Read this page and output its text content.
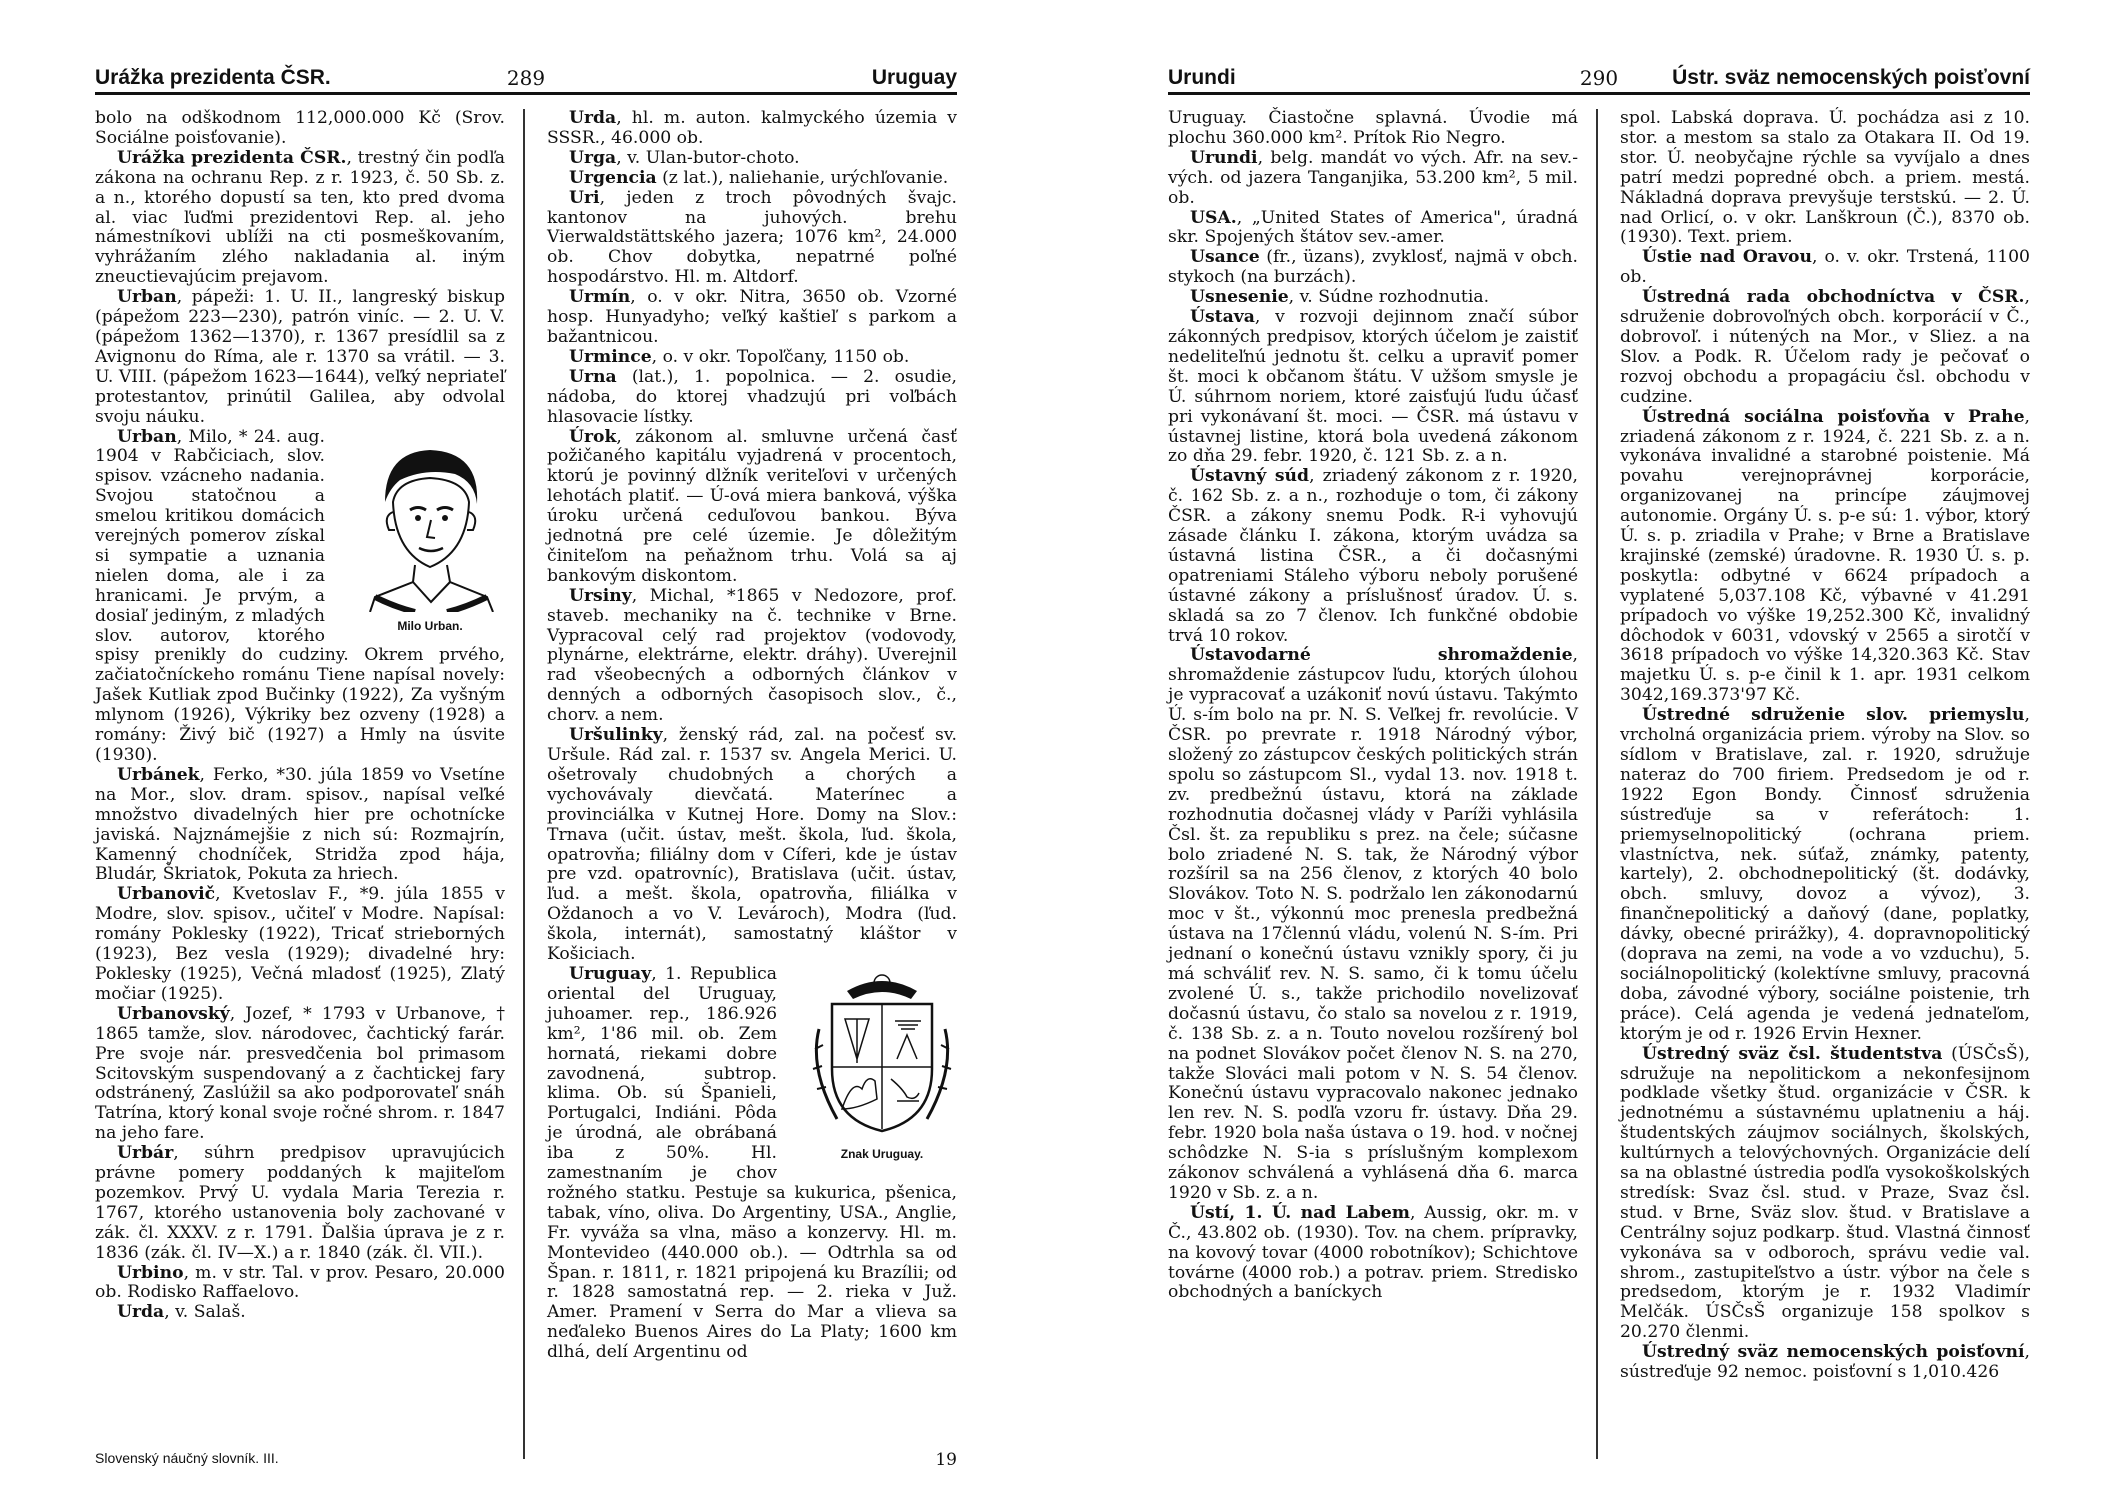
Urážka prezidenta ČSR.	289	Uruguay

bolo na odškodnom 112,000.000 Kč (Srov. Sociálne poisťovanie).

Urážka prezidenta ČSR., trestný čin podľa zákona na ochranu Rep. z r. 1923, č. 50 Sb. z. a n., ktorého dopustí sa ten, kto pred dvoma al. viac ľuďmi prezidentovi Rep. al. jeho námestníkovi ublíži na cti posmeškovaním, vyhrážaním zlého nakladania al. iným zneuctievajúcim prejavom.

Urban, pápeži: 1. U. II., langreský biskup (pápežom 223—230), patrón viníc. — 2. U. V. (pápežom 1362—1370), r. 1367 presídlil sa z Avignonu do Ríma, ale r. 1370 sa vrátil. — 3. U. VIII. (pápežom 1623—1644), veľký nepriateľ protestantov, prinútil Galilea, aby odvolal svoju náuku.

Milo Urban.
Urban, Milo, * 24. aug. 1904 v Rabčiciach, slov. spisov. vzácneho nadania. Svojou statočnou a smelou kritikou domácich verejných pomerov získal si sympatie a uznania nielen doma, ale i za hranicami. Je prvým, a dosiaľ jediným, z mladých slov. autorov, ktorého spisy prenikly do cudziny. Okrem prvého, začiatočníckeho románu Tiene napísal novely: Jašek Kutliak zpod Bučinky (1922), Za vyšným mlynom (1926), Výkriky bez ozveny (1928) a romány: Živý bič (1927) a Hmly na úsvite (1930).

Urbánek, Ferko, *30. júla 1859 vo Vsetíne na Mor., slov. dram. spisov., napísal veľké množstvo divadelných hier pre ochotnícke javiská. Najznámejšie z nich sú: Rozmajrín, Kamenný chodníček, Stridža zpod hája, Bludár, Škriatok, Pokuta za hriech.

Urbanovič, Kvetoslav F., *9. júla 1855 v Modre, slov. spisov., učiteľ v Modre. Napísal: romány Poklesky (1922), Tricať strieborných (1923), Bez vesla (1929); divadelné hry: Poklesky (1925), Večná mladosť (1925), Zlatý močiar (1925).

Urbanovský, Jozef, * 1793 v Urbanove, † 1865 tamže, slov. národovec, čachtický farár. Pre svoje nár. presvedčenia bol primasom Scitovským suspendovaný a z čachtickej fary odstránený, Zaslúžil sa ako podporovateľ snáh Tatrína, ktorý konal svoje ročné shrom. r. 1847 na jeho fare.

Urbár, súhrn predpisov upravujúcich právne pomery poddaných k majiteľom pozemkov. Prvý U. vydala Maria Terezia r. 1767, ktorého ustanovenia boly zachované v zák. čl. XXXV. z r. 1791. Ďalšia úprava je z r. 1836 (zák. čl. IV—X.) a r. 1840 (zák. čl. VII.).

Urbino, m. v str. Tal. v prov. Pesaro, 20.000 ob. Rodisko Raffaelovo.

Urda, v. Salaš.

Urda, hl. m. auton. kalmyckého územia v SSSR., 46.000 ob.

Urga, v. Ulan-butor-choto.

Urgencia (z lat.), naliehanie, urýchľovanie.

Uri, jeden z troch pôvodných švajc. kantonov na juhových. brehu Vierwaldstättského jazera; 1076 km², 24.000 ob. Chov dobytka, nepatrné poľné hospodárstvo. Hl. m. Altdorf.

Urmín, o. v okr. Nitra, 3650 ob. Vzorné hosp. Hunyadyho; veľký kaštieľ s parkom a bažantnicou.

Urmince, o. v okr. Topoľčany, 1150 ob.

Urna (lat.), 1. popolnica. — 2. osudie, nádoba, do ktorej vhadzujú pri voľbách hlasovacie lístky.

Úrok, zákonom al. smluvne určená časť požičaného kapitálu vyjadrená v procentoch, ktorú je povinný dlžník veriteľovi v určených lehotách platiť. — Ú-ová miera banková, výška úroku určená ceduľovou bankou. Býva jednotná pre celé územie. Je dôležitým činiteľom na peňažnom trhu. Volá sa aj bankovým diskontom.

Ursiny, Michal, *1865 v Nedozore, prof. staveb. mechaniky na č. technike v Brne. Vypracoval celý rad projektov (vodovody, plynárne, elektrárne, elektr. dráhy). Uverejnil rad všeobecných a odborných článkov v denných a odborných časopisoch slov., č., chorv. a nem.

Uršulinky, ženský rád, zal. na počesť sv. Uršule. Rád zal. r. 1537 sv. Angela Merici. U. ošetrovaly chudobných a chorých a vychovávaly dievčatá. Materínec a provinciálka v Kutnej Hore. Domy na Slov.: Trnava (učit. ústav, mešt. škola, ľud. škola, opatrovňa; filiálny dom v Cíferi, kde je ústav pre vzd. opatrovníc), Bratislava (učit. ústav, ľud. a mešt. škola, opatrovňa, filiálka v Oždanoch a vo V. Levároch), Modra (ľud. škola, internát), samostatný kláštor v Košiciach.

Znak Uruguay.
Uruguay, 1. Republica oriental del Uruguay, juhoamer. rep., 186.926 km², 1'86 mil. ob. Zem hornatá, riekami dobre zavodnená, subtrop. klima. Ob. sú Španieli, Portugalci, Indiáni. Pôda je úrodná, ale obrábaná iba z 50%. Hl. zamestnaním je chov rožného statku. Pestuje sa kukurica, pšenica, tabak, víno, oliva. Do Argentiny, USA., Anglie, Fr. vyváža sa vlna, mäso a konzervy. Hl. m. Montevideo (440.000 ob.). — Odtrhla sa od Špan. r. 1811, r. 1821 pripojená ku Brazílii; od r. 1828 samostatná rep. — 2. rieka v Juž. Amer. Pramení v Serra do Mar a vlieva sa neďaleko Buenos Aires do La Platy; 1600 km dlhá, delí Argentinu od

Slovenský náučný slovník. III.	19
Urundi	290	Ústr. sväz nemocenských poisťovní

Uruguay. Čiastočne splavná. Úvodie má plochu 360.000 km². Prítok Rio Negro.

Urundi, belg. mandát vo vých. Afr. na sev.-vých. od jazera Tanganjika, 53.200 km², 5 mil. ob.

USA., „United States of America", úradná skr. Spojených štátov sev.-amer.

Usance (fr., üzans), zvyklosť, najmä v obch. stykoch (na burzách).

Usnesenie, v. Súdne rozhodnutia.

Ústava, v rozvoji dejinnom značí súbor zákonných predpisov, ktorých účelom je zaistiť nedeliteľnú jednotu št. celku a upraviť pomer št. moci k občanom štátu. V užšom smysle je Ú. súhrnom noriem, ktoré zaisťujú ľudu účasť pri vykonávaní št. moci. — ČSR. má ústavu v ústavnej listine, ktorá bola uvedená zákonom zo dňa 29. febr. 1920, č. 121 Sb. z. a n.

Ústavný súd, zriadený zákonom z r. 1920, č. 162 Sb. z. a n., rozhoduje o tom, či zákony ČSR. a zákony snemu Podk. R-i vyhovujú zásade článku I. zákona, ktorým uvádza sa ústavná listina ČSR., a či dočasnými opatreniami Stáleho výboru neboly porušené ústavné zákony a príslušnosť úradov. Ú. s. skladá sa zo 7 členov. Ich funkčné obdobie trvá 10 rokov.

Ústavodarné shromaždenie, shromaždenie zástupcov ľudu, ktorých úlohou je vypracovať a uzákoniť novú ústavu. Takýmto Ú. s-ím bolo na pr. N. S. Veľkej fr. revolúcie. V ČSR. po prevrate r. 1918 Národný výbor, složený zo zástupcov českých politických strán spolu so zástupcom Sl., vydal 13. nov. 1918 t. zv. predbežnú ústavu, ktorá na základe rozhodnutia dočasnej vlády v Paríži vyhlásila Čsl. št. za republiku s prez. na čele; súčasne bolo zriadené N. S. tak, že Národný výbor rozšíril sa na 256 členov, z ktorých 40 bolo Slovákov. Toto N. S. podržalo len zákonodarnú moc v št., výkonnú moc prenesla predbežná ústava na 17člennú vládu, volenú N. S-ím. Pri jednaní o konečnú ústavu vznikly spory, či ju má schváliť rev. N. S. samo, či k tomu účelu zvolené Ú. s., takže prichodilo novelizovať dočasnú ústavu, čo stalo sa novelou z r. 1919, č. 138 Sb. z. a n. Touto novelou rozšírený bol na podnet Slovákov počet členov N. S. na 270, takže Slováci mali potom v N. S. 54 členov. Konečnú ústavu vypracovalo nakonec jednako len rev. N. S. podľa vzoru fr. ústavy. Dňa 29. febr. 1920 bola naša ústava o 19. hod. v nočnej schôdzke N. S-ia s príslušným komplexom zákonov schválená a vyhlásená dňa 6. marca 1920 v Sb. z. a n.

Ústí, 1. Ú. nad Labem, Aussig, okr. m. v Č., 43.802 ob. (1930). Tov. na chem. prípravky, na kovový tovar (4000 robotníkov); Schichtove továrne (4000 rob.) a potrav. priem. Stredisko obchodných a baníckych

spol. Labská doprava. Ú. pochádza asi z 10. stor. a mestom sa stalo za Otakara II. Od 19. stor. Ú. neobyčajne rýchle sa vyvíjalo a dnes patrí medzi popredné obch. a priem. mestá. Nákladná doprava prevyšuje terstskú. — 2. Ú. nad Orlicí, o. v okr. Lanškroun (Č.), 8370 ob. (1930). Text. priem.

Ústie nad Oravou, o. v. okr. Trstená, 1100 ob.

Ústredná rada obchodníctva v ČSR., sdruženie dobrovoľných obch. korporácií v Č., dobrovoľ. i nútených na Mor., v Sliez. a na Slov. a Podk. R. Účelom rady je pečovať o rozvoj obchodu a propagáciu čsl. obchodu v cudzine.

Ústredná sociálna poisťovňa v Prahe, zriadená zákonom z r. 1924, č. 221 Sb. z. a n. vykonáva invalidné a starobné poistenie. Má povahu verejnoprávnej korporácie, organizovanej na princípe záujmovej autonomie. Orgány Ú. s. p-e sú: 1. výbor, ktorý Ú. s. p. zriadila v Prahe; v Brne a Bratislave krajinské (zemské) úradovne. R. 1930 Ú. s. p. poskytla: odbytné v 6624 prípadoch a vyplatené 5,037.108 Kč, výbavné v 41.291 prípadoch vo výške 19,252.300 Kč, invalidný dôchodok v 6031, vdovský v 2565 a sirotčí v 3618 prípadoch vo výške 14,320.363 Kč. Stav majetku Ú. s. p-e činil k 1. apr. 1931 celkom 3042,169.373'97 Kč.

Ústredné sdruženie slov. priemyslu, vrcholná organizácia priem. výroby na Slov. so sídlom v Bratislave, zal. r. 1920, sdružuje nateraz do 700 firiem. Predsedom je od r. 1922 Egon Bondy. Činnosť sdruženia sústreďuje sa v referátoch: 1. priemyselnopolitický (ochrana priem. vlastníctva, nek. súťaž, známky, patenty, kartely), 2. obchodnepolitický (št. dodávky, obch. smluvy, dovoz a vývoz), 3. finančnepolitický a daňový (dane, poplatky, dávky, obecné prirážky), 4. dopravnopolitický (doprava na zemi, na vode a vo vzduchu), 5. sociálnopolitický (kolektívne smluvy, pracovná doba, závodné výbory, sociálne poistenie, trh práce). Celá agenda je vedená jednateľom, ktorým je od r. 1926 Ervin Hexner.

Ústredný sväz čsl. študentstva (ÚSČsŠ), sdružuje na nepolitickom a nekonfesijnom podklade všetky štud. organizácie v ČSR. k jednotnému a sústavnému uplatneniu a háj. študentských záujmov sociálnych, školských, kultúrnych a telovýchovných. Organizácie delí sa na oblastné ústredia podľa vysokoškolských stredísk: Svaz čsl. stud. v Praze, Svaz čsl. stud. v Brne, Sväz slov. štud. v Bratislave a Centrálny sojuz podkarp. štud. Vlastná činnosť vykonáva sa v odboroch, správu vedie val. shrom., zastupiteľstvo a ústr. výbor na čele s predsedom, ktorým je r. 1932 Vladimír Melčák. ÚSČsŠ organizuje 158 spolkov s 20.270 členmi.

Ústredný sväz nemocenských poisťovní, sústreďuje 92 nemoc. poisťovní s 1,010.426
